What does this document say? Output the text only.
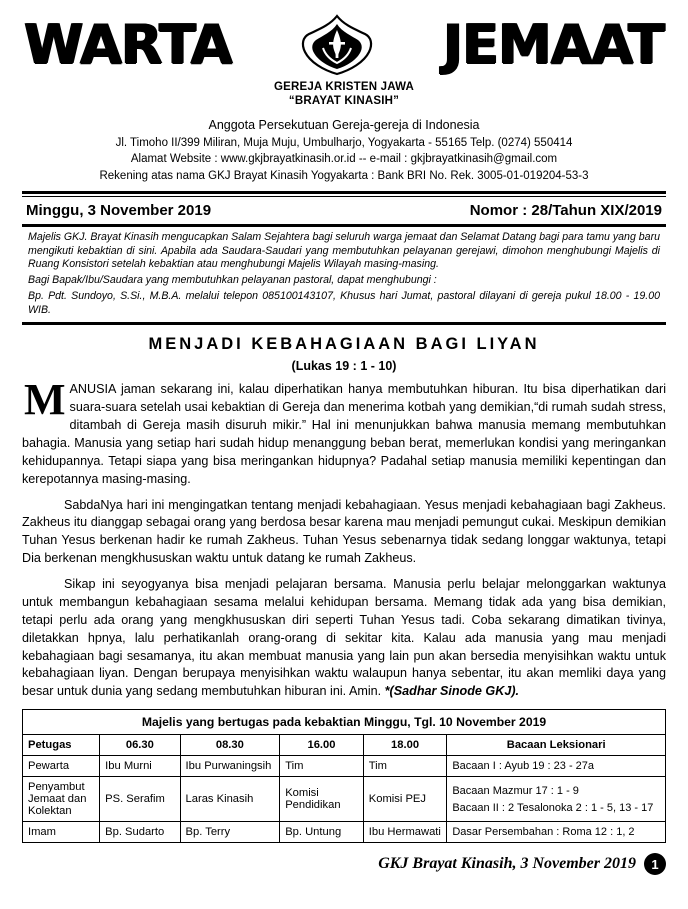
WARTA	JEMAAT
GEREJA KRISTEN JAWA
“BRAYAT KINASIH”
Anggota Persekutuan Gereja-gereja di Indonesia
Jl. Timoho II/399 Miliran, Muja Muju, Umbulharjo, Yogyakarta - 55165 Telp. (0274) 550414
Alamat Website : www.gkjbrayatkinasih.or.id -- e-mail : gkjbrayatkinasih@gmail.com
Rekening atas nama GKJ Brayat Kinasih Yogyakarta : Bank BRI No. Rek. 3005-01-019204-53-3
Minggu, 3 November 2019	Nomor : 28/Tahun XIX/2019

Majelis GKJ. Brayat Kinasih mengucapkan Salam Sejahtera bagi seluruh warga jemaat dan Selamat Datang bagi para tamu yang baru mengikuti kebaktian di sini. Apabila ada Saudara-Saudari yang membutuhkan pelayanan gerejawi, dimohon menghubungi Majelis di Ruang Konsistori setelah kebaktian atau menghubungi Majelis Wilayah masing-masing.

Bagi Bapak/Ibu/Saudara yang membutuhkan pelayanan pastoral, dapat menghubungi :

Bp. Pdt. Sundoyo, S.Si., M.B.A. melalui telepon 085100143107, Khusus hari Jumat, pastoral dilayani di gereja pukul 18.00 - 19.00 WIB.

MENJADI KEBAHAGIAAN BAGI LIYAN
(Lukas 19 : 1 - 10)

MANUSIA jaman sekarang ini, kalau diperhatikan hanya membutuhkan hiburan. Itu bisa diperhatikan dari suara-suara setelah usai kebaktian di Gereja dan menerima kotbah yang demikian,“di rumah sudah stress, ditambah di Gereja masih disuruh mikir.” Hal ini menunjukkan bahwa manusia memang membutuhkan bahagia. Manusia yang setiap hari sudah hidup menanggung beban berat, memerlukan kondisi yang meringankan kehidupannya. Tetapi siapa yang bisa meringankan hidupnya? Padahal setiap manusia memiliki kepentingan dan kerepotannya masing-masing.

SabdaNya hari ini mengingatkan tentang menjadi kebahagiaan. Yesus menjadi kebahagiaan bagi Zakheus. Zakheus itu dianggap sebagai orang yang berdosa besar karena mau menjadi pemungut cukai. Meskipun demikian Tuhan Yesus berkenan hadir ke rumah Zakheus. Tuhan Yesus sebenarnya tidak sedang longgar waktunya, tetapi Dia berkenan mengkhususkan waktu untuk datang ke rumah Zakheus.

Sikap ini seyogyanya bisa menjadi pelajaran bersama. Manusia perlu belajar melonggarkan waktunya untuk membangun kebahagiaan sesama melalui kehidupan bersama. Memang tidak ada yang bisa demikian, tetapi perlu ada orang yang mengkhususkan diri seperti Tuhan Yesus tadi. Coba sekarang dimatikan tivinya, diletakkan hpnya, lalu perhatikanlah orang-orang di sekitar kita. Kalau ada manusia yang mau menjadi kebahagiaan bagi sesamanya, itu akan membuat manusia yang lain pun akan bersedia menyisihkan waktu untuk kebahagiaan liyan. Dengan berupaya menyisihkan waktu walaupun hanya sebentar, itu akan memliki daya yang besar untuk dunia yang sedang membutuhkan hiburan ini. Amin. *(Sadhar Sinode GKJ).

Majelis yang bertugas pada kebaktian Minggu, Tgl. 10 November 2019					
Petugas	06.30	08.30	16.00	18.00	Bacaan Leksionari
Pewarta	Ibu Murni	Ibu Purwaningsih	Tim	Tim	Bacaan I : Ayub 19 : 23 - 27a
Penyambut Jemaat dan Kolektan	PS. Serafim	Laras Kinasih	Komisi Pendidikan	Komisi PEJ	Bacaan Mazmur 17 : 1 - 9
Bacaan II : 2 Tesalonoka 2 : 1 - 5, 13 - 17

Imam	Bp. Sudarto	Bp. Terry	Bp. Untung	Ibu Hermawati	Dasar Persembahan : Roma 12 : 1, 2
GKJ Brayat Kinasih, 3 November 2019	1
